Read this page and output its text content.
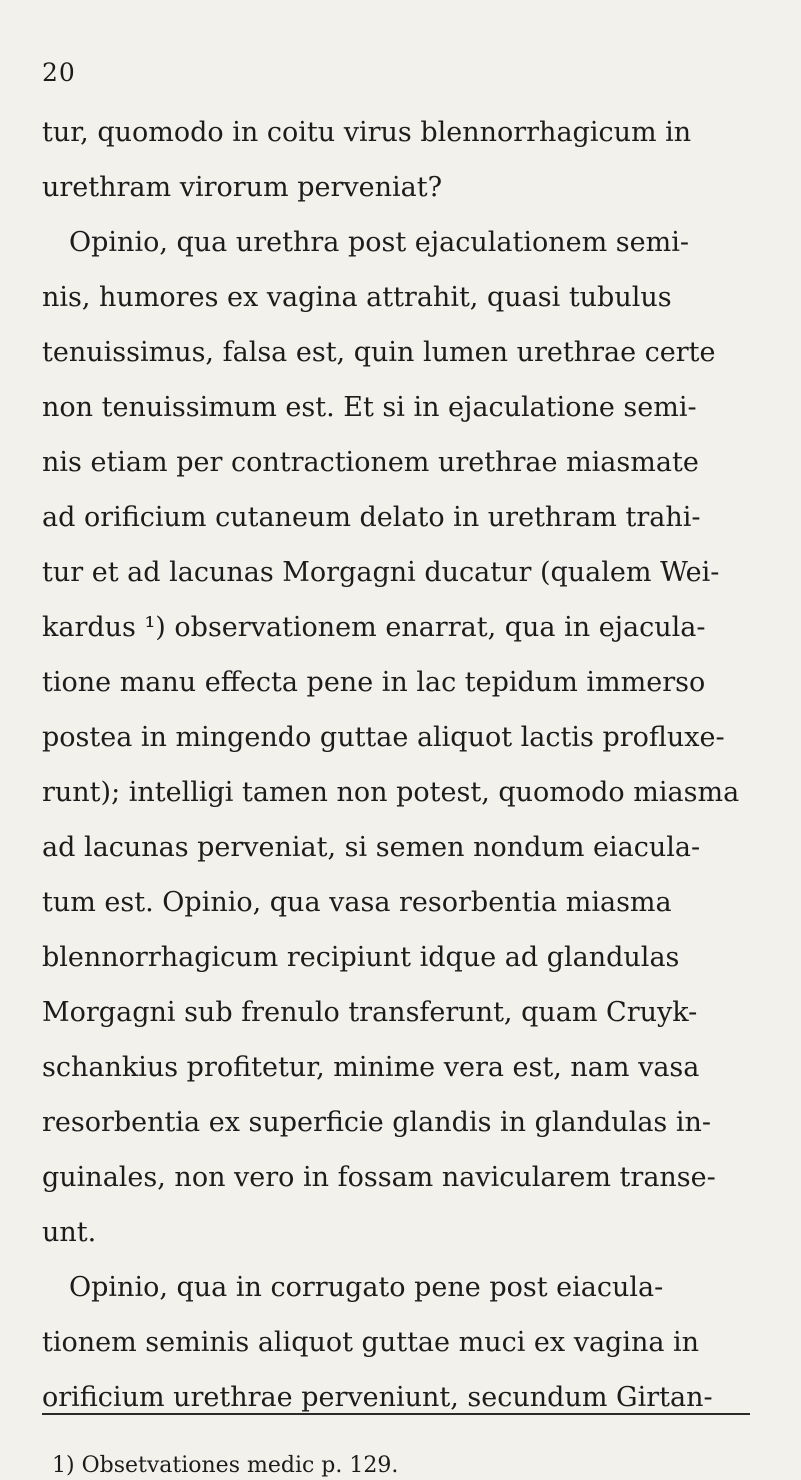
20
tur, quomodo in coitu virus blennorrhagicum in
urethram virorum perveniat?
Opinio, qua urethra post ejaculationem semi-
nis, humores ex vagina attrahit, quasi tubulus
tenuissimus, falsa est, quin lumen urethrae certe
non tenuissimum est. Et si in ejaculatione semi-
nis etiam per contractionem urethrae miasmate
ad orificium cutaneum delato in urethram trahi-
tur et ad lacunas Morgagni ducatur (qualem Wei-
kardus ¹) observationem enarrat, qua in ejacula-
tione manu effecta pene in lac tepidum immerso
postea in mingendo guttae aliquot lactis profluxe-
runt); intelligi tamen non potest, quomodo miasma
ad lacunas perveniat, si semen nondum eiacula-
tum est. Opinio, qua vasa resorbentia miasma
blennorrhagicum recipiunt idque ad glandulas
Morgagni sub frenulo transferunt, quam Cruyk-
schankius profitetur, minime vera est, nam vasa
resorbentia ex superficie glandis in glandulas in-
guinales, non vero in fossam navicularem transe-
unt.
Opinio, qua in corrugato pene post eiacula-
tionem seminis aliquot guttae muci ex vagina in
orificium urethrae perveniunt, secundum Girtan-
1) Obsetvationes medic p. 129.
